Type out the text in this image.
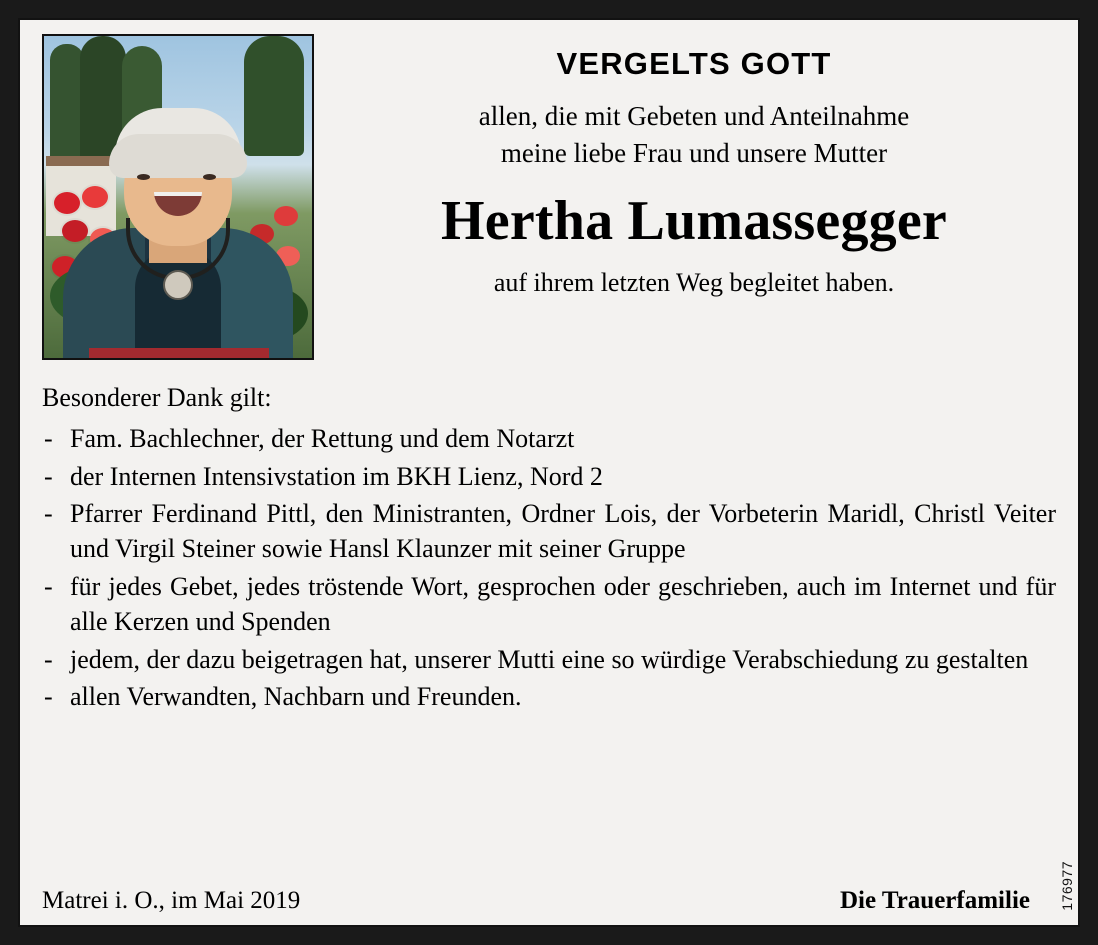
VERGELTS GOTT
allen, die mit Gebeten und Anteilnahme
meine liebe Frau und unsere Mutter
Hertha Lumassegger
auf ihrem letzten Weg begleitet haben.

Besonderer Dank gilt:

- Fam. Bachlechner, der Rettung und dem Notarzt
- der Internen Intensivstation im BKH Lienz, Nord 2
- Pfarrer Ferdinand Pittl, den Ministranten, Ordner Lois, der Vorbeterin Maridl, Christl Veiter und Virgil Steiner sowie Hansl Klaunzer mit seiner Gruppe
- für jedes Gebet, jedes tröstende Wort, gesprochen oder geschrieben, auch im Internet und für alle Kerzen und Spenden
- jedem, der dazu beigetragen hat, unserer Mutti eine so würdige Verabschiedung zu gestalten
- allen Verwandten, Nachbarn und Freunden.
Matrei i. O., im Mai 2019	Die Trauerfamilie	176977
